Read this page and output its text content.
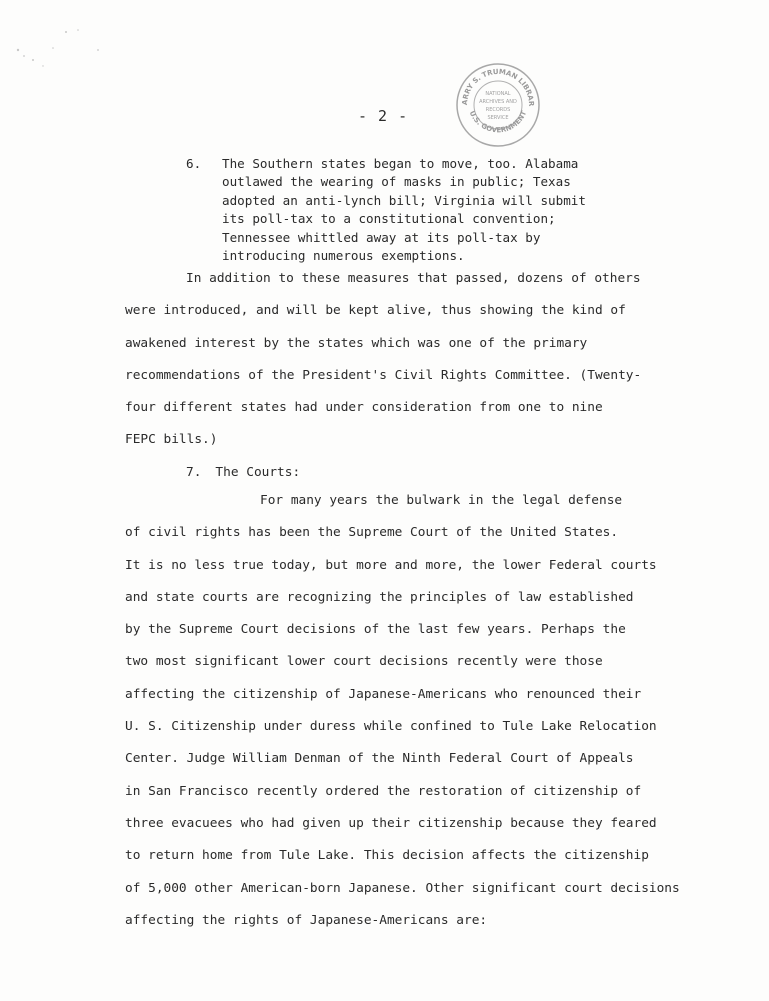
ARRY S. TRUMAN LIBRAR
U.S. GOVERNMENT
NATIONAL
ARCHIVES AND
RECORDS
SERVICE
- 2 -
6.	The Southern states began to move, too. Alabama
outlawed the wearing of masks in public; Texas
adopted an anti-lynch bill; Virginia will submit
its poll-tax to a constitutional convention;
Tennessee whittled away at its poll-tax by
introducing numerous exemptions.
In addition to these measures that passed, dozens of others
were introduced, and will be kept alive, thus showing the kind of
awakened interest by the states which was one of the primary
recommendations of the President's Civil Rights Committee. (Twenty-
four different states had under consideration from one to nine
FEPC bills.)
7. The Courts:
For many years the bulwark in the legal defense
of civil rights has been the Supreme Court of the United States.
It is no less true today, but more and more, the lower Federal courts
and state courts are recognizing the principles of law established
by the Supreme Court decisions of the last few years. Perhaps the
two most significant lower court decisions recently were those
affecting the citizenship of Japanese-Americans who renounced their
U. S. Citizenship under duress while confined to Tule Lake Relocation
Center. Judge William Denman of the Ninth Federal Court of Appeals
in San Francisco recently ordered the restoration of citizenship of
three evacuees who had given up their citizenship because they feared
to return home from Tule Lake. This decision affects the citizenship
of 5,000 other American-born Japanese. Other significant court decisions
affecting the rights of Japanese-Americans are:
